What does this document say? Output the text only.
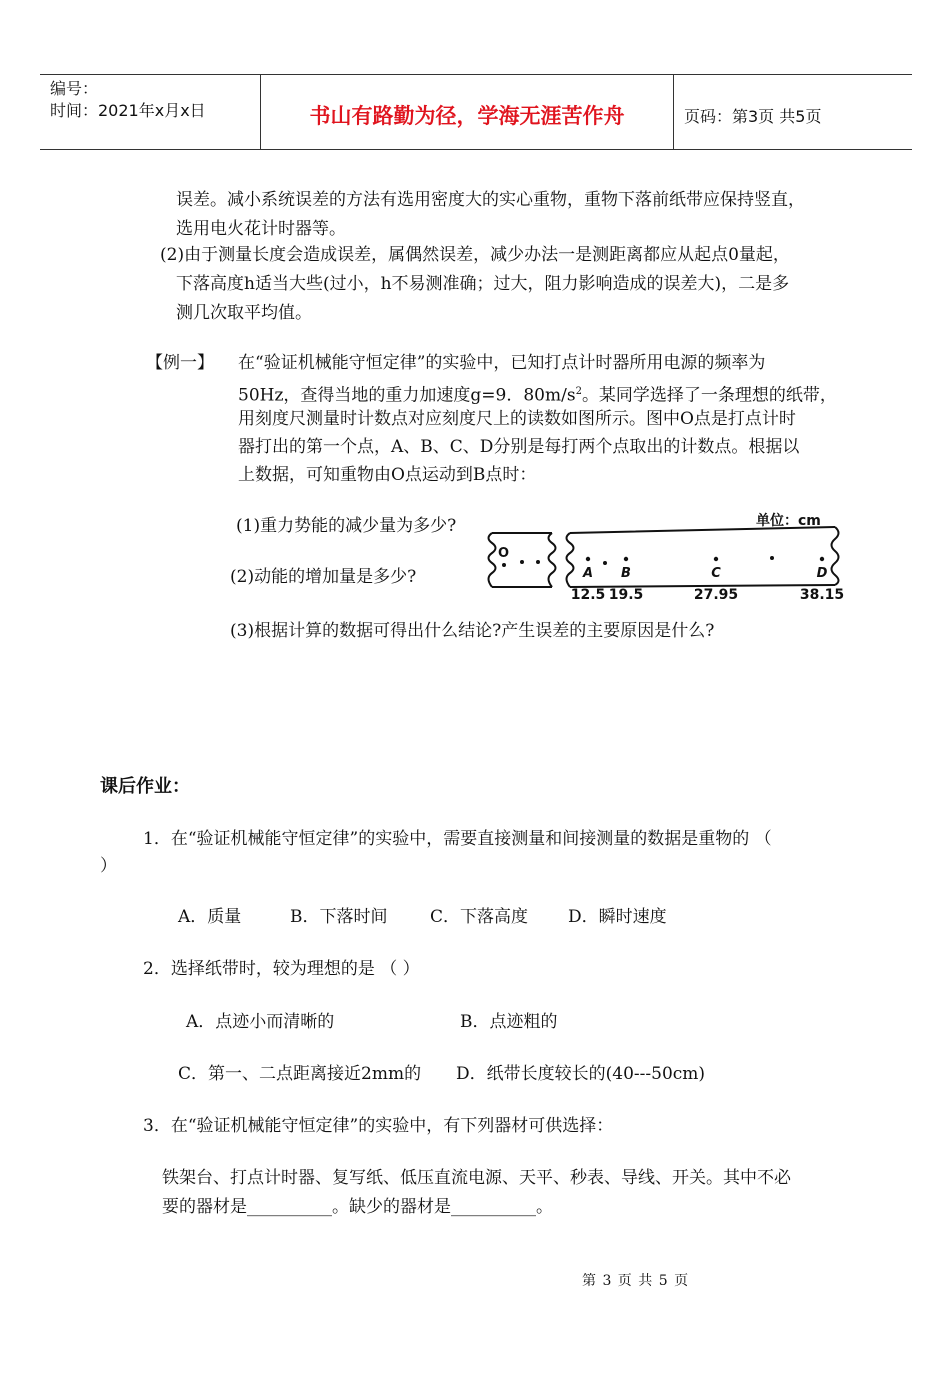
编号：
时间：2021年x月x日	书山有路勤为径，学海无涯苦作舟	页码：第3页 共5页
误差。减小系统误差的方法有选用密度大的实心重物，重物下落前纸带应保持竖直，
选用电火花计时器等。
(2)由于测量长度会造成误差，属偶然误差，减少办法一是测距离都应从起点0量起，
下落高度h适当大些(过小，h不易测准确；过大，阻力影响造成的误差大)，二是多
测几次取平均值。
【例一】 在“验证机械能守恒定律”的实验中，已知打点计时器所用电源的频率为
50Hz，查得当地的重力加速度g=9．$80m/s^2$。某同学选择了一条理想的纸带，
用刻度尺测量时计数点对应刻度尺上的读数如图所示。图中O点是打点计时
器打出的第一个点，A、B、C、D分别是每打两个点取出的计数点。根据以
上数据，可知重物由O点运动到B点时：
(1)重力势能的减少量为多少?
(2)动能的增加量是多少?
(3)根据计算的数据可得出什么结论?产生误差的主要原因是什么?
单位：cm
O
A
12.5
B
19.5
C
27.95
D
38.15
课后作业：
1．在“验证机械能守恒定律”的实验中，需要直接测量和间接测量的数据是重物的 （
）
A．质量	B．下落时间	C．下落高度 D．瞬时速度
2．选择纸带时，较为理想的是 （ ）
A．点迹小而清晰的	B．点迹粗的
C．第一、二点距离接近2mm的 D．纸带长度较长的(40---50cm)
3．在“验证机械能守恒定律”的实验中，有下列器材可供选择：
铁架台、打点计时器、复写纸、低压直流电源、天平、秒表、导线、开关。其中不必
要的器材是__________。缺少的器材是__________。
第 3 页 共 5 页
